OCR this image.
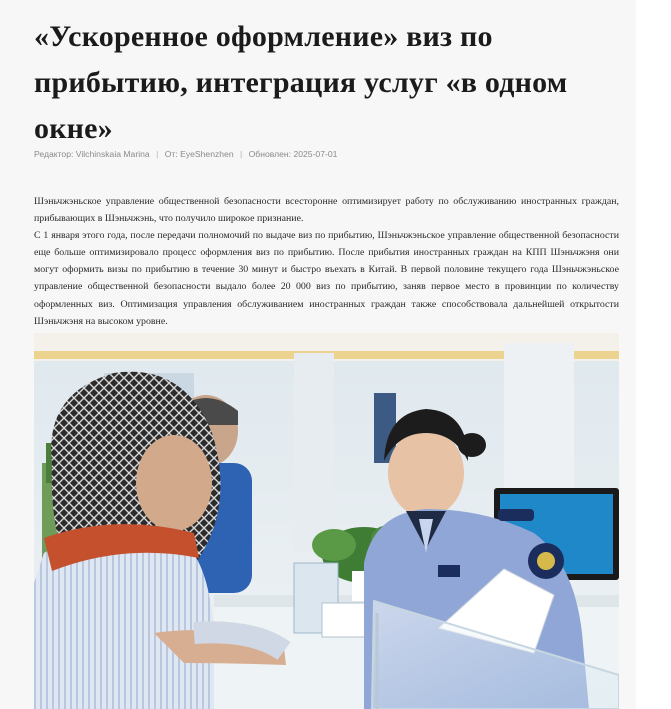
«Ускоренное оформление» виз по прибытию, интеграция услуг «в одном окне»
Редактор: Vilchinskaia Marina | От: EyeShenzhen | Обновлен: 2025-07-01

Шэньчжэньское управление общественной безопасности всесторонне оптимизирует работу по обслуживанию иностранных граждан, прибывающих в Шэньчжэнь, что получило широкое признание.

С 1 января этого года, после передачи полномочий по выдаче виз по прибытию, Шэньчжэньское управление общественной безопасности еще больше оптимизировало процесс оформления виз по прибытию. После прибытия иностранных граждан на КПП Шэньчжэня они могут оформить визы по прибытию в течение 30 минут и быстро въехать в Китай. В первой половине текущего года Шэньчжэньское управление общественной безопасности выдало более 20 000 виз по прибытию, заняв первое место в провинции по количеству оформленных виз. Оптимизация управления обслуживанием иностранных граждан также способствовала дальнейшей открытости Шэньчжэня на высоком уровне.
